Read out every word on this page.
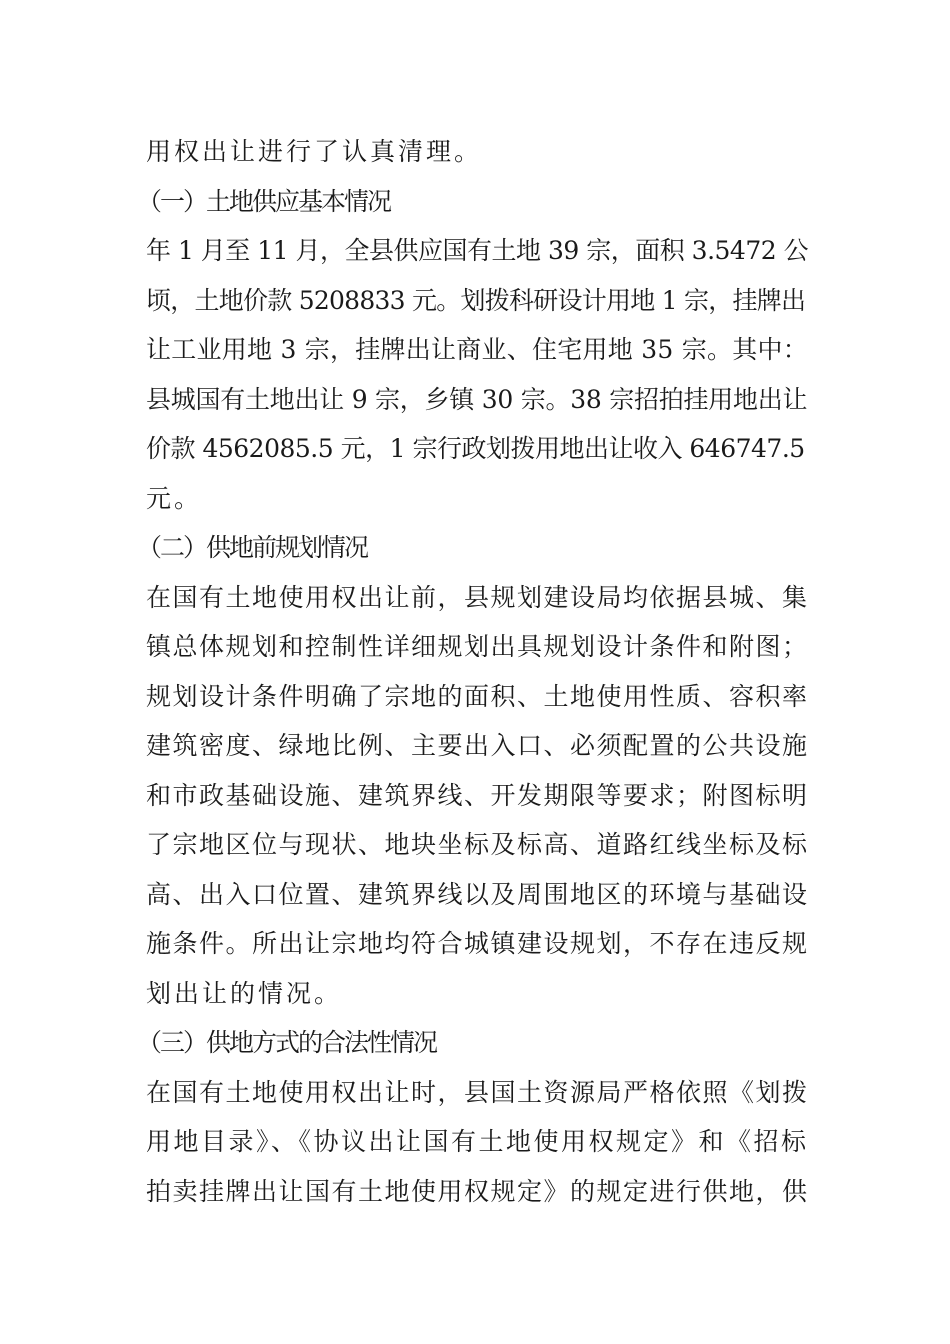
用权出让进行了认真清理。
（一）土地供应基本情况
年 1 月至 11 月，全县供应国有土地 39 宗，面积 3.5472 公
顷，土地价款 5208833 元。划拨科研设计用地 1 宗，挂牌出
让工业用地 3 宗，挂牌出让商业、住宅用地 35 宗。其中：
县城国有土地出让 9 宗，乡镇 30 宗。38 宗招拍挂用地出让
价款 4562085.5 元，1 宗行政划拨用地出让收入 646747.5
元。
（二）供地前规划情况
在国有土地使用权出让前，县规划建设局均依据县城、集
镇总体规划和控制性详细规划出具规划设计条件和附图；
规划设计条件明确了宗地的面积、土地使用性质、容积率
建筑密度、绿地比例、主要出入口、必须配置的公共设施
和市政基础设施、建筑界线、开发期限等要求；附图标明
了宗地区位与现状、地块坐标及标高、道路红线坐标及标
高、出入口位置、建筑界线以及周围地区的环境与基础设
施条件。所出让宗地均符合城镇建设规划，不存在违反规
划出让的情况。
（三）供地方式的合法性情况
在国有土地使用权出让时，县国土资源局严格依照《划拨
用地目录》、《协议出让国有土地使用权规定》和《招标
拍卖挂牌出让国有土地使用权规定》的规定进行供地，供
